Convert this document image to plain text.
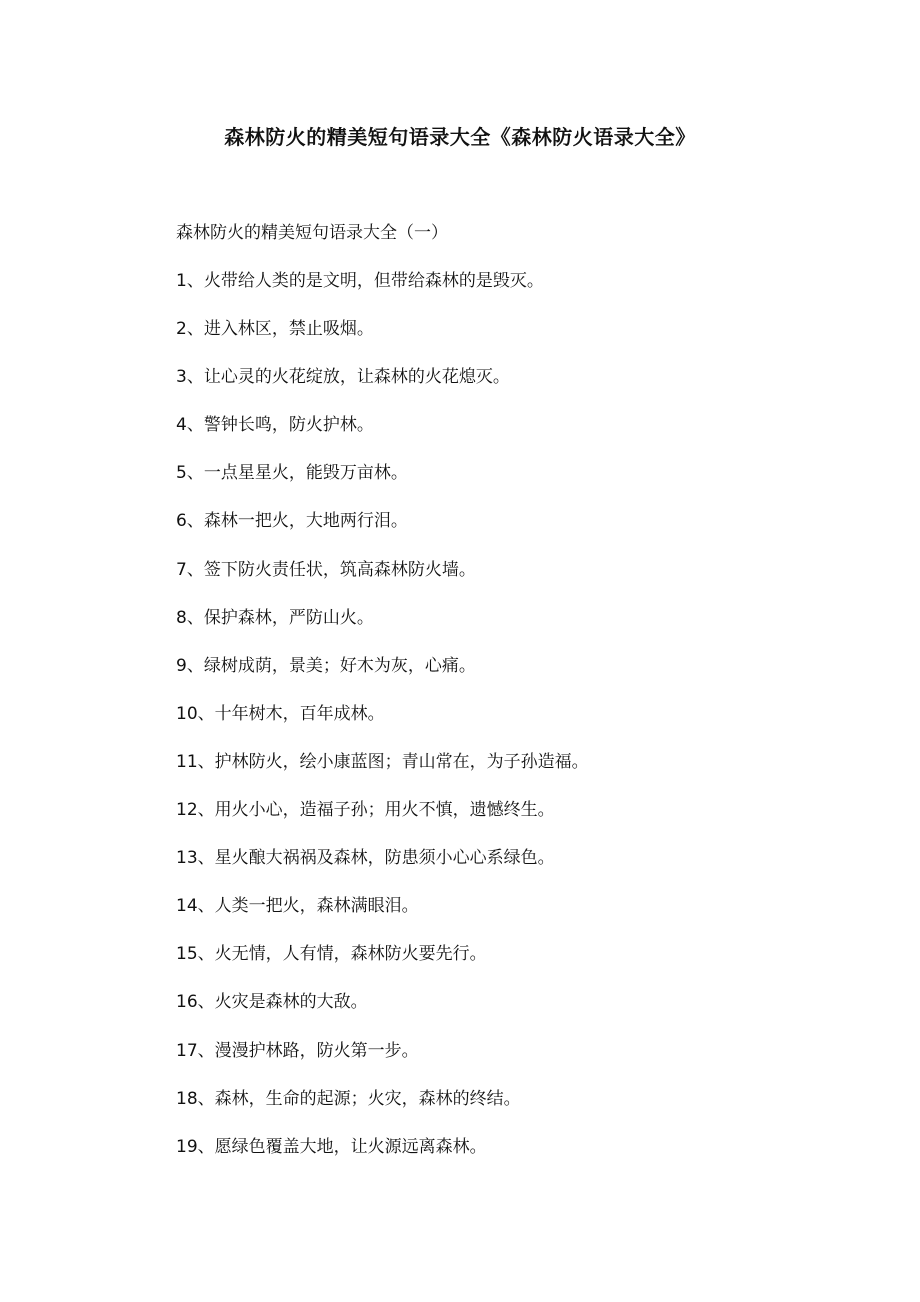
森林防火的精美短句语录大全《森林防火语录大全》
森林防火的精美短句语录大全（一）
1、火带给人类的是文明，但带给森林的是毁灭。
2、进入林区，禁止吸烟。
3、让心灵的火花绽放，让森林的火花熄灭。
4、警钟长鸣，防火护林。
5、一点星星火，能毁万亩林。
6、森林一把火，大地两行泪。
7、签下防火责任状，筑高森林防火墙。
8、保护森林，严防山火。
9、绿树成荫，景美；好木为灰，心痛。
10、十年树木，百年成林。
11、护林防火，绘小康蓝图；青山常在，为子孙造福。
12、用火小心，造福子孙；用火不慎，遗憾终生。
13、星火酿大祸祸及森林，防患须小心心系绿色。
14、人类一把火，森林满眼泪。
15、火无情，人有情，森林防火要先行。
16、火灾是森林的大敌。
17、漫漫护林路，防火第一步。
18、森林，生命的起源；火灾，森林的终结。
19、愿绿色覆盖大地，让火源远离森林。
